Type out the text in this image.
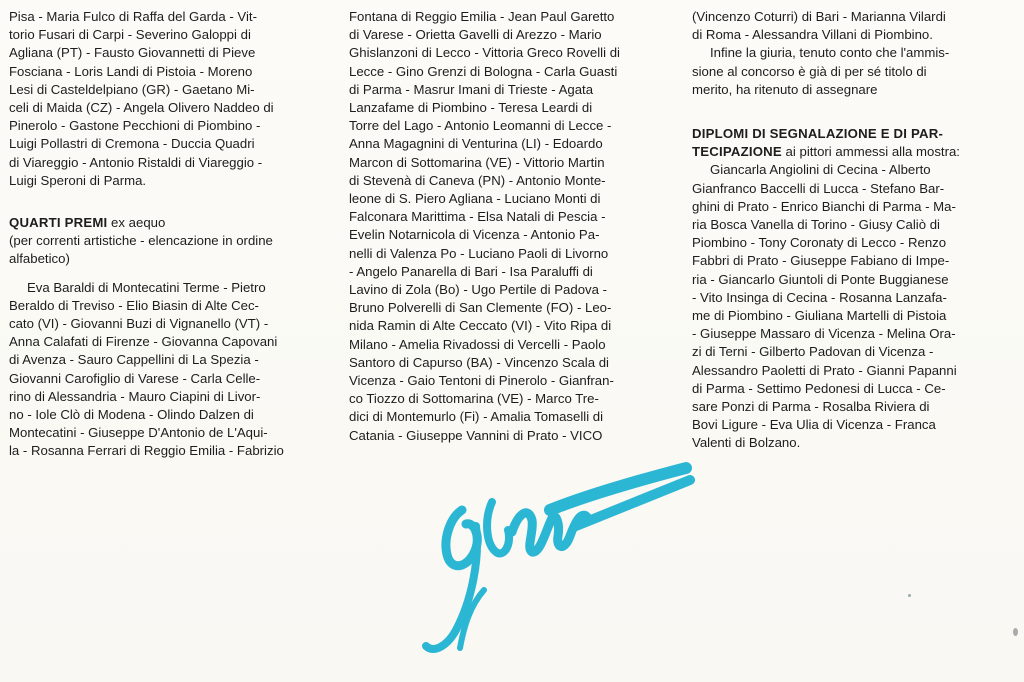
Pisa - Maria Fulco di Raffa del Garda - Vit-
torio Fusari di Carpi - Severino Galoppi di
Agliana (PT) - Fausto Giovannetti di Pieve
Fosciana - Loris Landi di Pistoia - Moreno
Lesi di Casteldelpiano (GR) - Gaetano Mi-
celi di Maida (CZ) - Angela Olivero Naddeo di
Pinerolo - Gastone Pecchioni di Piombino -
Luigi Pollastri di Cremona - Duccia Quadri
di Viareggio - Antonio Ristaldi di Viareggio -
Luigi Speroni di Parma.

QUARTI PREMI ex aequo

(per correnti artistiche - elencazione in ordine
alfabetico)

Eva Baraldi di Montecatini Terme - Pietro
Beraldo di Treviso - Elio Biasin di Alte Cec-
cato (VI) - Giovanni Buzi di Vignanello (VT) -
Anna Calafati di Firenze - Giovanna Capovani
di Avenza - Sauro Cappellini di La Spezia -
Giovanni Carofiglio di Varese - Carla Celle-
rino di Alessandria - Mauro Ciapini di Livor-
no - Iole Clò di Modena - Olindo Dalzen di
Montecatini - Giuseppe D'Antonio de L'Aqui-
la - Rosanna Ferrari di Reggio Emilia - Fabrizio

Fontana di Reggio Emilia - Jean Paul Garetto
di Varese - Orietta Gavelli di Arezzo - Mario
Ghislanzoni di Lecco - Vittoria Greco Rovelli di
Lecce - Gino Grenzi di Bologna - Carla Guasti
di Parma - Masrur Imani di Trieste - Agata
Lanzafame di Piombino - Teresa Leardi di
Torre del Lago - Antonio Leomanni di Lecce -
Anna Magagnini di Venturina (LI) - Edoardo
Marcon di Sottomarina (VE) - Vittorio Martin
di Stevenà di Caneva (PN) - Antonio Monte-
leone di S. Piero Agliana - Luciano Monti di
Falconara Marittima - Elsa Natali di Pescia -
Evelin Notarnicola di Vicenza - Antonio Pa-
nelli di Valenza Po - Luciano Paoli di Livorno
- Angelo Panarella di Bari - Isa Paraluffi di
Lavino di Zola (Bo) - Ugo Pertile di Padova -
Bruno Polverelli di San Clemente (FO) - Leo-
nida Ramin di Alte Ceccato (VI) - Vito Ripa di
Milano - Amelia Rivadossi di Vercelli - Paolo
Santoro di Capurso (BA) - Vincenzo Scala di
Vicenza - Gaio Tentoni di Pinerolo - Gianfran-
co Tiozzo di Sottomarina (VE) - Marco Tre-
dici di Montemurlo (Fi) - Amalia Tomaselli di
Catania - Giuseppe Vannini di Prato - VICO

(Vincenzo Coturri) di Bari - Marianna Vilardi
di Roma - Alessandra Villani di Piombino.

Infine la giuria, tenuto conto che l'ammis-
sione al concorso è già di per sé titolo di
merito, ha ritenuto di assegnare

DIPLOMI DI SEGNALAZIONE E DI PAR-
TECIPAZIONE ai pittori ammessi alla mostra:

Giancarla Angiolini di Cecina - Alberto
Gianfranco Baccelli di Lucca - Stefano Bar-
ghini di Prato - Enrico Bianchi di Parma - Ma-
ria Bosca Vanella di Torino - Giusy Caliò di
Piombino - Tony Coronaty di Lecco - Renzo
Fabbri di Prato - Giuseppe Fabiano di Impe-
ria - Giancarlo Giuntoli di Ponte Buggianese
- Vito Insinga di Cecina - Rosanna Lanzafa-
me di Piombino - Giuliana Martelli di Pistoia
- Giuseppe Massaro di Vicenza - Melina Ora-
zi di Terni - Gilberto Padovan di Vicenza -
Alessandro Paoletti di Prato - Gianni Papanni
di Parma - Settimo Pedonesi di Lucca - Ce-
sare Ponzi di Parma - Rosalba Riviera di
Bovi Ligure - Eva Ulia di Vicenza - Franca
Valenti di Bolzano.
